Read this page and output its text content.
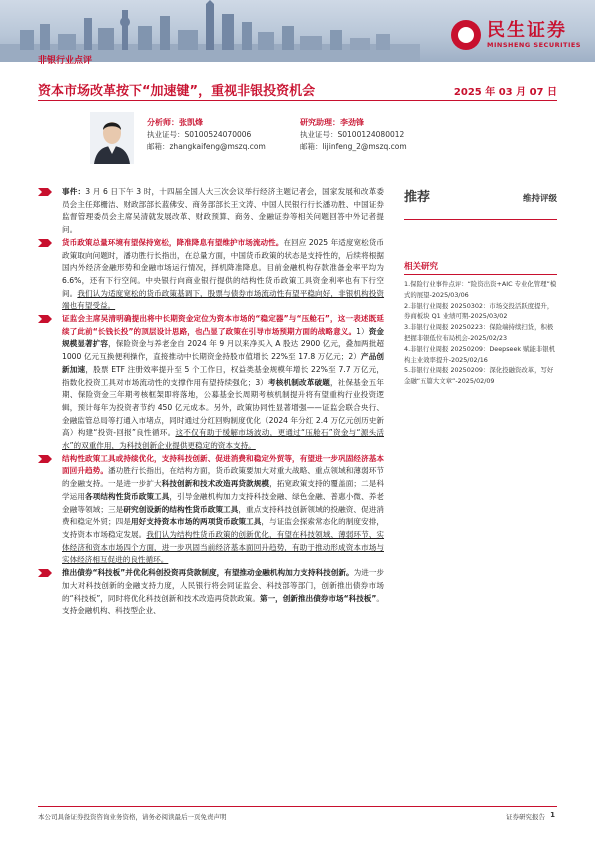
民生证券
MINSHENG SECURITIES
非银行业点评
资本市场改革按下“加速键”，重视非银投资机会	2025 年 03 月 07 日
分析师：张凯烽
执业证号：S0100524070006
邮箱：zhangkaifeng@mszq.com
研究助理：李劲锋
执业证号：S0100124080012
邮箱：lijinfeng_2@mszq.com

事件：3 月 6 日下午 3 时，十四届全国人大三次会议举行经济主题记者会，国家发展和改革委员会主任郑栅洁、财政部部长蓝佛安、商务部部长王文涛、中国人民银行行长潘功胜、中国证券监督管理委员会主席吴清就发展改革、财政预算、商务、金融证券等相关问题回答中外记者提问。

货币政策总量环境有望保持宽松，降准降息有望维护市场流动性。在回应 2025 年适度宽松货币政策取向问题时，潘功胜行长指出，在总量方面，中国货币政策的状态是支持性的，后续将根据国内外经济金融形势和金融市场运行情况，择机降准降息。目前金融机构存款准备金率平均为 6.6%，还有下行空间。中央银行向商业银行提供的结构性货币政策工具资金利率也有下行空间。我们认为适度宽松的货币政策基调下，股票与债券市场流动性有望平稳向好，非银机构投资端也有望受益。

证监会主席吴清明确提出将中长期资金定位为资本市场的“稳定器”与“压舱石”，这一表述既延续了此前“长钱长投”的顶层设计思路，也凸显了政策在引导市场预期方面的战略意义。1）资金规模显著扩容，保险资金与养老金自 2024 年 9 月以来净买入 A 股达 2900 亿元，叠加两批超 1000 亿元互换便利操作，直接推动中长期资金持股市值增长 22%至 17.8 万亿元；2）产品创新加速，股票 ETF 注册效率提升至 5 个工作日，权益类基金规模年增长 22%至 7.7 万亿元，指数化投资工具对市场流动性的支撑作用有望持续强化；3）考核机制改革破题，社保基金五年期、保险资金三年期考核框架即将落地，公募基金长周期考核机制提升将有望重构行业投资逻辑，预计每年为投资者节约 450 亿元成本。另外，政策协同性显著增强——证监会联合央行、金融监管总局等打通入市堵点，同时通过分红回购制度优化（2024 年分红 2.4 万亿元创历史新高）构建“投资-回报”良性循环。这不仅有助于缓解市场波动，更通过“压舱石”资金与“源头活水”的双重作用，为科技创新企业提供更稳定的资本支持。

结构性政策工具或持续优化，支持科技创新、促进消费和稳定外贸等，有望进一步巩固经济基本面回升趋势。潘功胜行长指出，在结构方面，货币政策要加大对重大战略、重点领域和薄弱环节的金融支持。一是进一步扩大科技创新和技术改造再贷款规模，拓宽政策支持的覆盖面；二是科学运用各项结构性货币政策工具，引导金融机构加力支持科技金融、绿色金融、普惠小微、养老金融等领域；三是研究创设新的结构性货币政策工具，重点支持科技创新领域的投融资、促进消费和稳定外贸；四是用好支持资本市场的两项货币政策工具，与证监会探索常态化的制度安排，支持资本市场稳定发展。我们认为结构性货币政策的创新优化，有望在科技领域、薄弱环节、实体经济和资本市场四个方面，进一步巩固当前经济基本面回升趋势，有助于推动形成资本市场与实体经济相互促进的良性循环。

推出债券“科技板”并优化科创投资再贷款制度，有望推动金融机构加力支持科技创新。为进一步加大对科技创新的金融支持力度，人民银行将会同证监会、科技部等部门，创新推出债券市场的“科技板”，同时将优化科技创新和技术改造再贷款政策。第一，创新推出债券市场“科技板”。支持金融机构、科技型企业、

推荐	维持评级
相关研究
1.保险行业事件点评：“险资出资+AIC 专业化管理”模式的展望-2025/03/06
2.非银行业周报 20250302：市场交投活跃度提升，券商板块 Q1 业绩可期-2025/03/02
3.非银行业周报 20250223：保险端持续扫货，积极把握非银低位布局机会-2025/02/23
4.非银行业周报 20250209：Deepseek 赋能非银机构主业效率提升-2025/02/16
5.非银行业周报 20250209：深化投融资改革，写好金融“五篇大文章”-2025/02/09
本公司具备证券投资咨询业务资格，请务必阅读最后一页免责声明	证券研究报告 1
